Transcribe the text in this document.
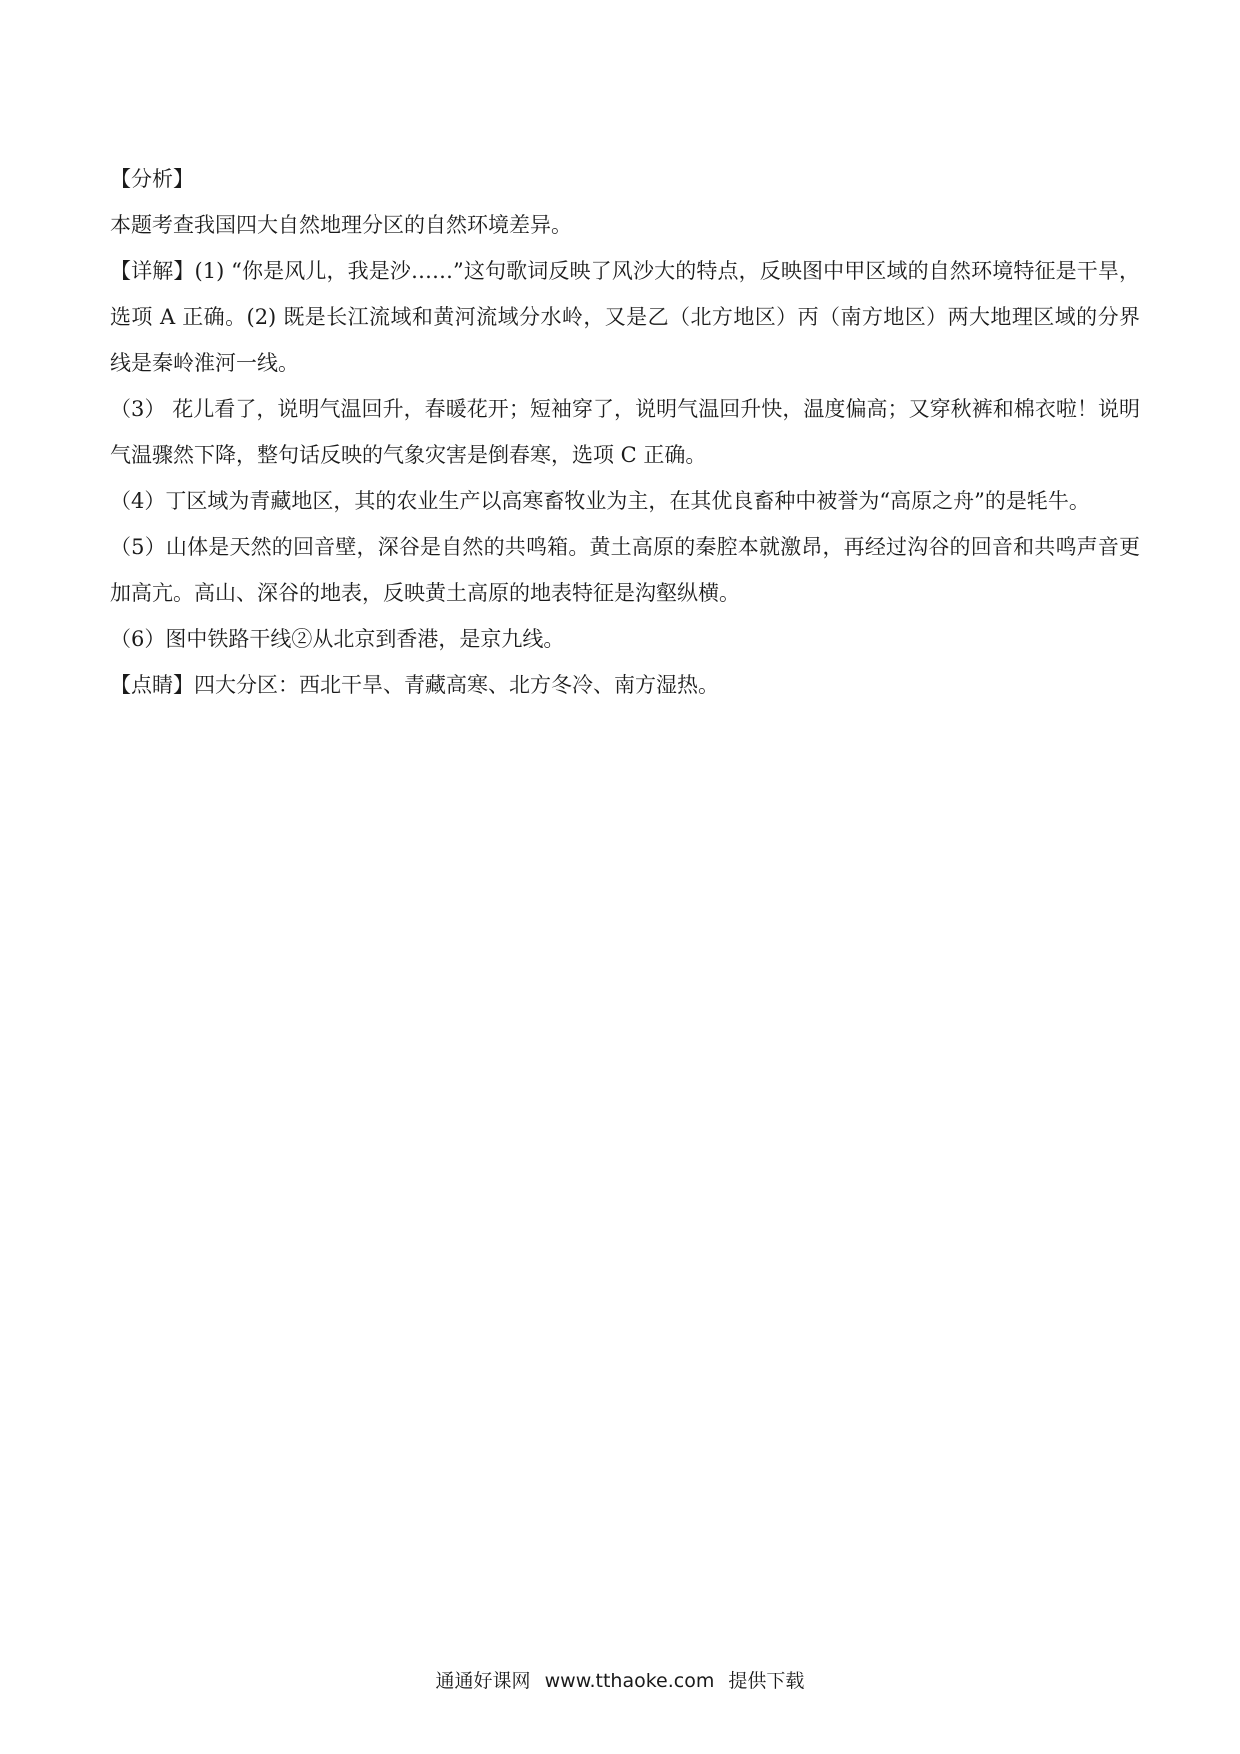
【分析】

本题考查我国四大自然地理分区的自然环境差异。

【详解】(1) “你是风儿，我是沙……”这句歌词反映了风沙大的特点，反映图中甲区域的自然环境特征是干旱，选项 A 正确。(2) 既是长江流域和黄河流域分水岭，又是乙（北方地区）丙（南方地区）两大地理区域的分界线是秦岭淮河一线。

（3） 花儿看了，说明气温回升，春暖花开；短袖穿了，说明气温回升快，温度偏高；又穿秋裤和棉衣啦！说明气温骤然下降，整句话反映的气象灾害是倒春寒，选项 C 正确。

（4）丁区域为青藏地区，其的农业生产以高寒畜牧业为主，在其优良畜种中被誉为“高原之舟”的是牦牛。

（5）山体是天然的回音壁，深谷是自然的共鸣箱。黄土高原的秦腔本就激昂，再经过沟谷的回音和共鸣声音更加高亢。高山、深谷的地表，反映黄土高原的地表特征是沟壑纵横。

（6）图中铁路干线②从北京到香港，是京九线。

【点睛】四大分区：西北干旱、青藏高寒、北方冬冷、南方湿热。

通通好课网 www.tthaoke.com 提供下载
